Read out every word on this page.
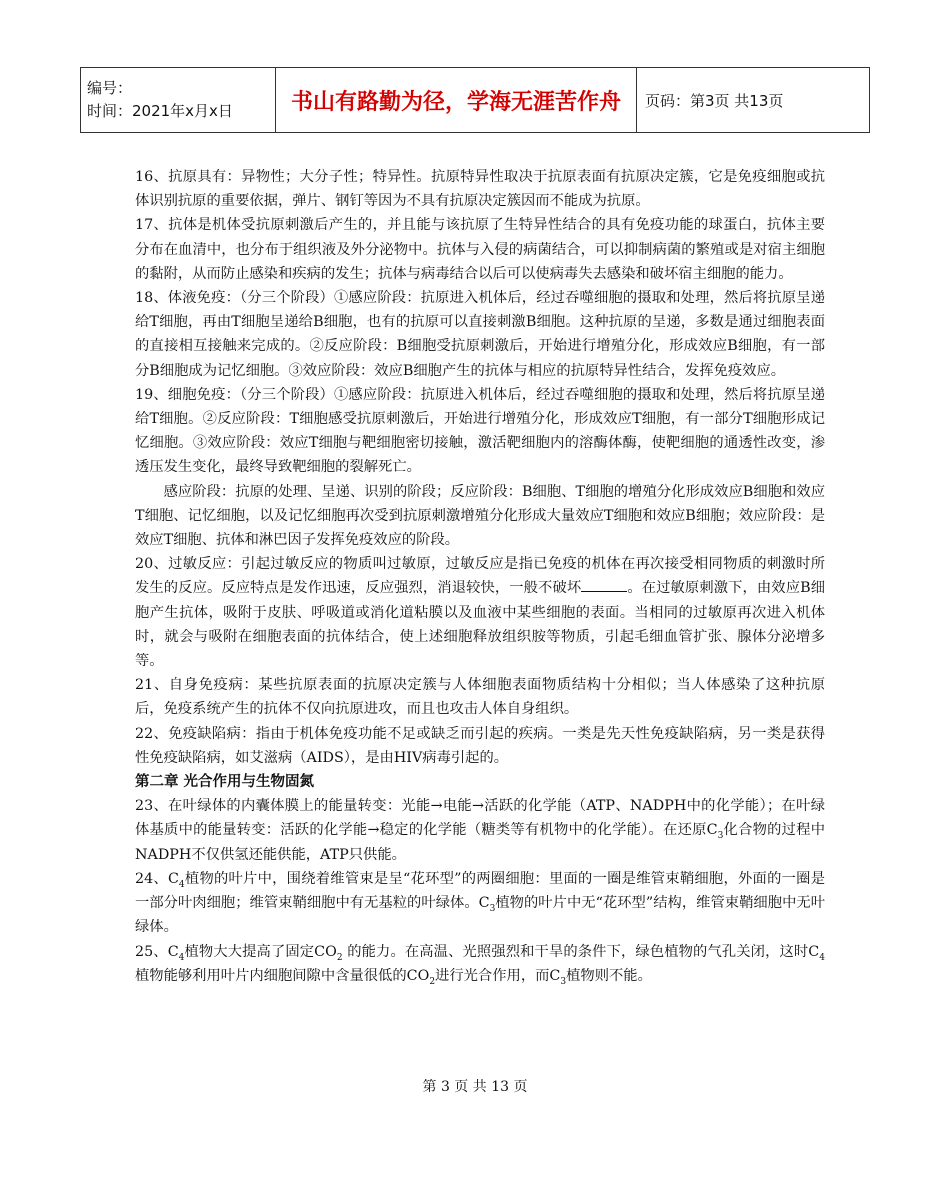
编号：
时间：2021年x月x日	书山有路勤为径，学海无涯苦作舟	页码：第3页 共13页

16、抗原具有：异物性；大分子性；特异性。抗原特异性取决于抗原表面有抗原决定簇，它是免疫细胞或抗体识别抗原的重要依据，弹片、钢钉等因为不具有抗原决定簇因而不能成为抗原。

17、抗体是机体受抗原刺激后产生的，并且能与该抗原了生特异性结合的具有免疫功能的球蛋白，抗体主要分布在血清中，也分布于组织液及外分泌物中。抗体与入侵的病菌结合，可以抑制病菌的繁殖或是对宿主细胞的黏附，从而防止感染和疾病的发生；抗体与病毒结合以后可以使病毒失去感染和破坏宿主细胞的能力。

18、体液免疫：（分三个阶段）①感应阶段：抗原进入机体后，经过吞噬细胞的摄取和处理，然后将抗原呈递给T细胞，再由T细胞呈递给B细胞，也有的抗原可以直接刺激B细胞。这种抗原的呈递，多数是通过细胞表面的直接相互接触来完成的。②反应阶段：B细胞受抗原刺激后，开始进行增殖分化，形成效应B细胞，有一部分B细胞成为记忆细胞。③效应阶段：效应B细胞产生的抗体与相应的抗原特异性结合，发挥免疫效应。

19、细胞免疫：（分三个阶段）①感应阶段：抗原进入机体后，经过吞噬细胞的摄取和处理，然后将抗原呈递给T细胞。②反应阶段：T细胞感受抗原刺激后，开始进行增殖分化，形成效应T细胞，有一部分T细胞形成记忆细胞。③效应阶段：效应T细胞与靶细胞密切接触，激活靶细胞内的溶酶体酶，使靶细胞的通透性改变，渗透压发生变化，最终导致靶细胞的裂解死亡。

感应阶段：抗原的处理、呈递、识别的阶段；反应阶段：B细胞、T细胞的增殖分化形成效应B细胞和效应T细胞、记忆细胞，以及记忆细胞再次受到抗原刺激增殖分化形成大量效应T细胞和效应B细胞；效应阶段：是效应T细胞、抗体和淋巴因子发挥免疫效应的阶段。

20、过敏反应：引起过敏反应的物质叫过敏原，过敏反应是指已免疫的机体在再次接受相同物质的刺激时所发生的反应。反应特点是发作迅速，反应强烈，消退较快，一般不破坏	。在过敏原刺激下，由效应B细胞产生抗体，吸附于皮肤、呼吸道或消化道粘膜以及血液中某些细胞的表面。当相同的过敏原再次进入机体时，就会与吸附在细胞表面的抗体结合，使上述细胞释放组织胺等物质，引起毛细血管扩张、腺体分泌增多等。

21、自身免疫病：某些抗原表面的抗原决定簇与人体细胞表面物质结构十分相似；当人体感染了这种抗原后，免疫系统产生的抗体不仅向抗原进攻，而且也攻击人体自身组织。

22、免疫缺陷病：指由于机体免疫功能不足或缺乏而引起的疾病。一类是先天性免疫缺陷病，另一类是获得性免疫缺陷病，如艾滋病（AIDS），是由HIV病毒引起的。

第二章 光合作用与生物固氮

23、在叶绿体的内囊体膜上的能量转变：光能→电能→活跃的化学能（ATP、NADPH中的化学能）；在叶绿体基质中的能量转变：活跃的化学能→稳定的化学能（糖类等有机物中的化学能）。在还原$C_3$化合物的过程中NADPH不仅供氢还能供能，ATP只供能。

24、$C_4$植物的叶片中，围绕着维管束是呈“花环型”的两圈细胞：里面的一圈是维管束鞘细胞，外面的一圈是一部分叶肉细胞；维管束鞘细胞中有无基粒的叶绿体。$C_3$植物的叶片中无“花环型”结构，维管束鞘细胞中无叶绿体。

25、$C_4$植物大大提高了固定$CO_2$ 的能力。在高温、光照强烈和干旱的条件下，绿色植物的气孔关闭，这时$C_4$植物能够利用叶片内细胞间隙中含量很低的$CO_2$进行光合作用，而$C_3$植物则不能。

第 3 页 共 13 页
